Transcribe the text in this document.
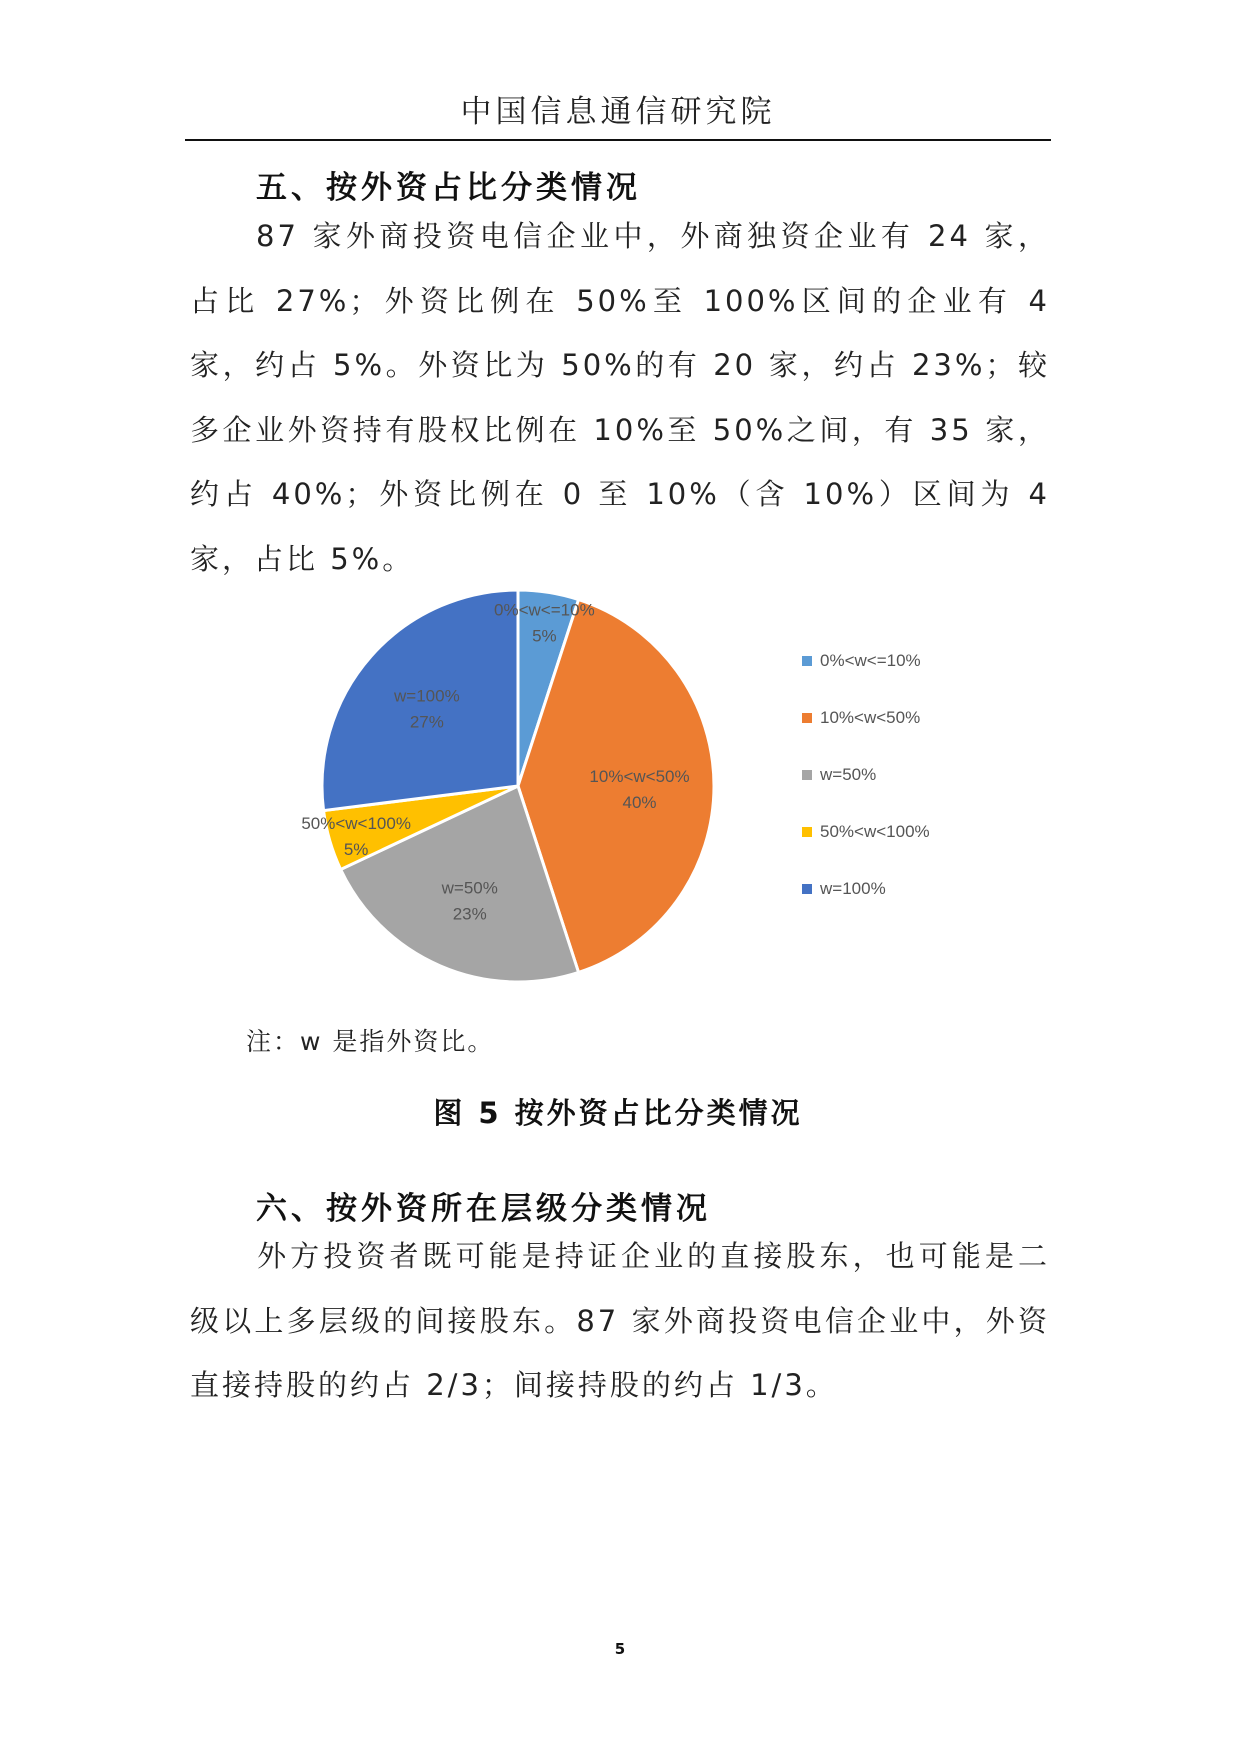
中国信息通信研究院
五、按外资占比分类情况
87 家外商投资电信企业中，外商独资企业有 24 家，占比 27%；外资比例在 50%至 100%区间的企业有 4 家，约占 5%。外资比为 50%的有 20 家，约占 23%；较多企业外资持有股权比例在 10%至 50%之间，有 35 家，约占 40%；外资比例在 0 至 10%（含 10%）区间为 4 家，占比 5%。
0%<w<=10%
5%
10%<w<50%
40%
w=50%
23%
50%<w<100%
5%
w=100%
27%
0%<w<=10%
10%<w<50%
w=50%
50%<w<100%
w=100%
注：w 是指外资比。
图 5 按外资占比分类情况
六、按外资所在层级分类情况
外方投资者既可能是持证企业的直接股东，也可能是二级以上多层级的间接股东。87 家外商投资电信企业中，外资直接持股的约占 2/3；间接持股的约占 1/3。
5
